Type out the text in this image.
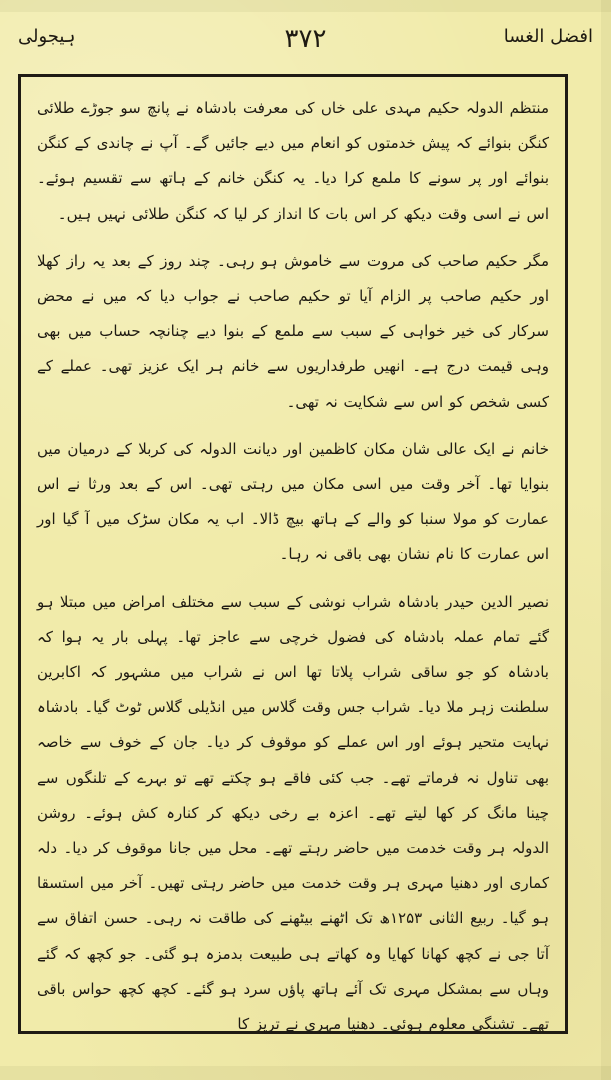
ہیجولی	۳۷۲	افضل الغسا

منتظم الدولہ حکیم مہدی علی خاں کی معرفت بادشاہ نے پانچ سو جوڑے طلائی کنگن بنوائے کہ پیش خدمتوں کو انعام میں دیے جائیں گے۔ آپ نے چاندی کے کنگن بنوائے اور پر سونے کا ملمع کرا دیا۔ یہ کنگن خانم کے ہاتھ سے تقسیم ہوئے۔ اس نے اسی وقت دیکھ کر اس بات کا انداز کر لیا کہ کنگن طلائی نہیں ہیں۔

مگر حکیم صاحب کی مروت سے خاموش ہو رہی۔ چند روز کے بعد یہ راز کھلا اور حکیم صاحب پر الزام آیا تو حکیم صاحب نے جواب دیا کہ میں نے محض سرکار کی خیر خواہی کے سبب سے ملمع کے بنوا دیے چنانچہ حساب میں بھی وہی قیمت درج ہے۔ انھیں طرفداریوں سے خانم ہر ایک عزیز تھی۔ عملے کے کسی شخص کو اس سے شکایت نہ تھی۔

خانم نے ایک عالی شان مکان کاظمین اور دیانت الدولہ کی کربلا کے درمیان میں بنوایا تھا۔ آخر وقت میں اسی مکان میں رہتی تھی۔ اس کے بعد ورثا نے اس عمارت کو مولا سنبا کو والے کے ہاتھ بیچ ڈالا۔ اب یہ مکان سڑک میں آ گیا اور اس عمارت کا نام نشان بھی باقی نہ رہا۔

نصیر الدین حیدر بادشاہ شراب نوشی کے سبب سے مختلف امراض میں مبتلا ہو گئے تمام عملہ بادشاہ کی فضول خرچی سے عاجز تھا۔ پہلی بار یہ ہوا کہ بادشاہ کو جو ساقی شراب پلاتا تھا اس نے شراب میں مشہور کہ اکابرین سلطنت زہر ملا دیا۔ شراب جس وقت گلاس میں انڈیلی گلاس ٹوٹ گیا۔ بادشاہ نہایت متحیر ہوئے اور اس عملے کو موقوف کر دیا۔ جان کے خوف سے خاصہ بھی تناول نہ فرماتے تھے۔ جب کئی فاقے ہو چکتے تھے تو بہرے کے تلنگوں سے چینا مانگ کر کھا لیتے تھے۔ اعزہ بے رخی دیکھ کر کنارہ کش ہوئے۔ روشن الدولہ ہر وقت خدمت میں حاضر رہتے تھے۔ محل میں جانا موقوف کر دیا۔ دلہ کماری اور دھنیا مہری ہر وقت خدمت میں حاضر رہتی تھیں۔ آخر میں استسقا ہو گیا۔ ربیع الثانی ۱۲۵۳ھ تک اٹھنے بیٹھنے کی طاقت نہ رہی۔ حسن اتفاق سے آتا جی نے کچھ کھانا کھایا وہ کھاتے ہی طبیعت بدمزہ ہو گئی۔ جو کچھ کہ گئے وہاں سے بمشکل مہری تک آئے ہاتھ پاؤں سرد ہو گئے۔ کچھ کچھ حواس باقی تھے۔ تشنگی معلوم ہوئی۔ دھنیا مہری نے تریز کا
